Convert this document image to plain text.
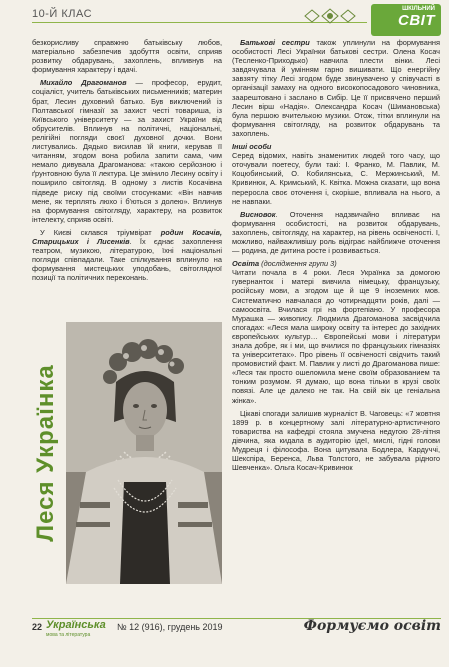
10-Й КЛАС	ШКІЛЬНИЙ
СВІТ

безкорисливу справжню батьківську любов, матеріально забезпечив здобуття освіти, сприяв розвитку обдарувань, захоплень, впливнув на формування характеру і вдачі.

Михайло Драгоманов — професор, ерудит, соціаліст, учитель батьківських письменників; материн брат, Лесин духовний батько. Був виключений із Полтавської гімназії за захист честі товариша, із Київського університету — за захист України від обрусителів. Вплинув на політичні, національні, релігійні погляди своєї духовної дочки. Вони листувались. Дядько висилав їй книги, керував її читанням, згодом вона робила запити сама, чим немало дивувала Драгоманова: «такою серйозною і ґрунтовною була її лектура. Це змінило Лесину освіту і поширило світогляд. В одному з листів Косачівна підведе риску під своїми стосунками: «Він навчив мене, як терплять люхо і б'ються з долею». Вплинув на формування світогляду, характеру, на розвиток інтелекту, сприяв освіті.

У Києві склався тріумвірат родин Косачів, Старицьких і Лисенків. Їх єднає захоплення театром, музикою, літературою, їхні національні погляди співпадали. Таке спілкування вплинуло на формування мистецьких уподобань, світоглядної позиції та політичних переконань.

Леся Українка

Батькові сестри також уплинули на формування особистості Лесі Українки батькові сестри. Олена Косач (Тесленко-Приходько) навчила плести вінки. Лесі завдячувала й умінням гарно вишивати. Що енергійну завзяту тітку Лесі згодом буде звинувачено у співучасті в організації замаху на одного високопосадового чиновника, заарештовано і заслано в Сибір. Це її присвячено перший Лесин вірш «Надія». Олександра Косач (Шимановська) була першою вчителькою музики. Отож, тітки вплинули на формування світогляду, на розвиток обдарувань та захоплень.

Інші особи
Серед відомих, навіть знаменитих людей того часу, що оточували поетесу, були такі: І. Франко, М. Павлик, М. Коцюбинський, О. Кобилянська, С. Мержинський, М. Кривинюк, А. Кримський, К. Квітка. Можна сказати, що вона переросла своє оточення і, скоріше, впливала на нього, а не навпаки.

Висновок. Оточення надзвичайно впливає на формування особистості, на розвиток обдарувань, захоплень, світогляду, на характер, на рівень освіченості. І, можливо, найважливішу роль відіграє найближче оточення — родина, де дитина росте і розвивається.

Освіта (дослідження групи 3)
Читати почала в 4 роки. Леся Українка за домогою гувернанток і матері вивчила німецьку, французьку, російську мови, а згодом ще й ще 9 іноземних мов. Систематично навчалася до чотирнадцяти років, далі — самоосвіта. Вчилася грі на фортепіано. У професора Мурашка — живопису. Людмила Драгоманова засвідчила спогадах: «Леся мала широку освіту та інтерес до західних європейських культур… Європейські мови і літератури знала добре, як і ми, що вчилися по французьких гімназіях та університетах». Про рівень її освіченості свідчить такий промовистий факт. М. Павлик у листі до Драгоманова пише: «Леся так просто ошеломила мене своїм образованием та тонким розумом. Я думаю, що вона тільки в крузі своїх повязі. Але це далеко не так. На свій вік це геніальна жінка».

Цікаві спогади залишив журналіст В. Чаговець: «7 жовтня 1899 р. в концертному залі літературно-артистичного товариства на кафедрі стояла змучена недугою 28-літня дівчина, яка кидала в аудиторію ідеї, мислі, гідні голови Мудреця і філософа. Вона цитувала Бодлера, Кардуччі, Шекспіра, Беренса, Льва Толстого, не забувала рідного Шевченка». Ольга Косач-Кривинюк

22 Українська
мова та література
№ 12 (916), грудень 2019	Формуємо освіт
